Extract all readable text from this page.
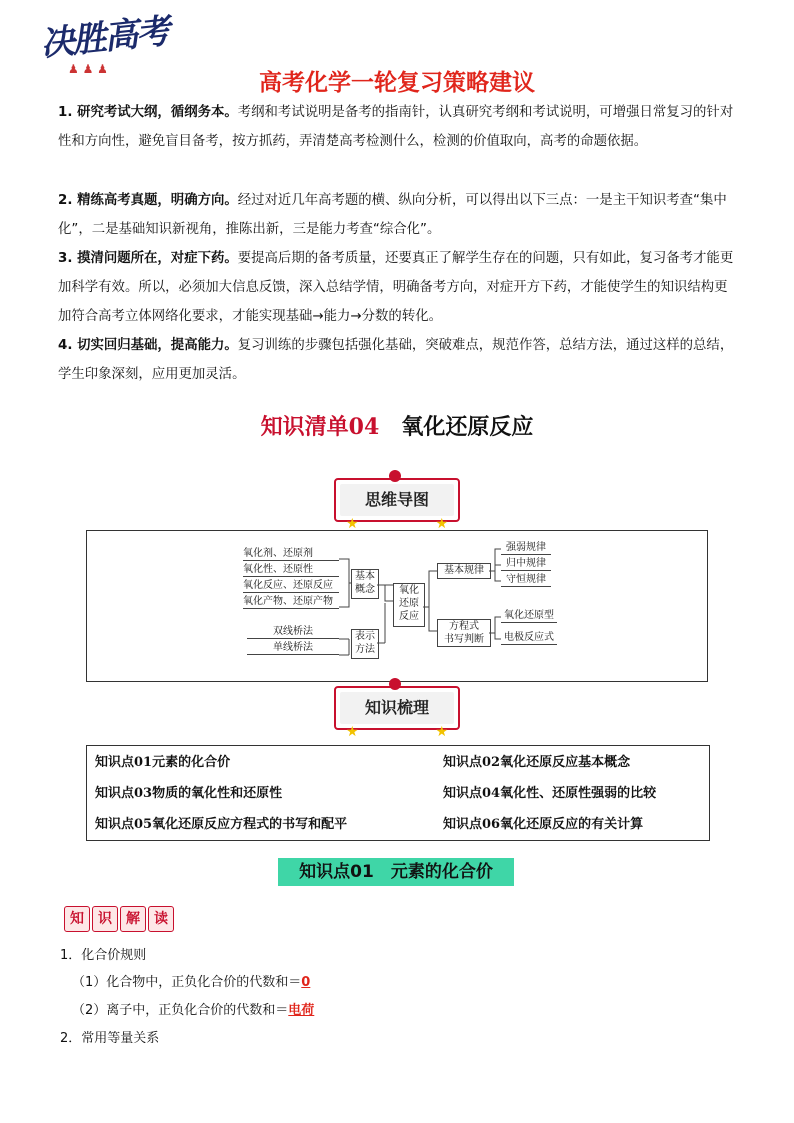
决胜高考
♟ ♟ ♟
高考化学一轮复习策略建议
1. 研究考试大纲，循纲务本。考纲和考试说明是备考的指南针，认真研究考纲和考试说明，可增强日常复习的针对性和方向性，避免盲目备考，按方抓药，弄清楚高考检测什么，检测的价值取向，高考的命题依据。
2. 精练高考真题，明确方向。经过对近几年高考题的横、纵向分析，可以得出以下三点：一是主干知识考查“集中化”，二是基础知识新视角，推陈出新，三是能力考查“综合化”。
3. 摸清问题所在，对症下药。要提高后期的备考质量，还要真正了解学生存在的问题，只有如此，复习备考才能更加科学有效。所以，必须加大信息反馈，深入总结学情，明确备考方向，对症开方下药，才能使学生的知识结构更加符合高考立体网络化要求，才能实现基础→能力→分数的转化。
4. 切实回归基础，提高能力。复习训练的步骤包括强化基础，突破难点，规范作答，总结方法，通过这样的总结，学生印象深刻，应用更加灵活。
知识清单04　 氧化还原反应
思维导图
★	★
氧化剂、还原剂
氧化性、还原性
氧化反应、还原反应
氧化产物、还原产物
基本
概念
双线桥法
单线桥法
表示
方法
氧化
还原
反应
基本规律
强弱规律
归中规律
守恒规律
方程式
书写判断
氧化还原型
电极反应式
知识梳理
★	★
知识点01元素的化合价	知识点02氧化还原反应基本概念
知识点03物质的氧化性和还原性	知识点04氧化性、还原性强弱的比较
知识点05氧化还原反应方程式的书写和配平	知识点06氧化还原反应的有关计算
知识点01　元素的化合价
知	识	解	读
1．化合价规则
（1）化合物中，正负化合价的代数和＝0
（2）离子中，正负化合价的代数和＝电荷
2．常用等量关系
